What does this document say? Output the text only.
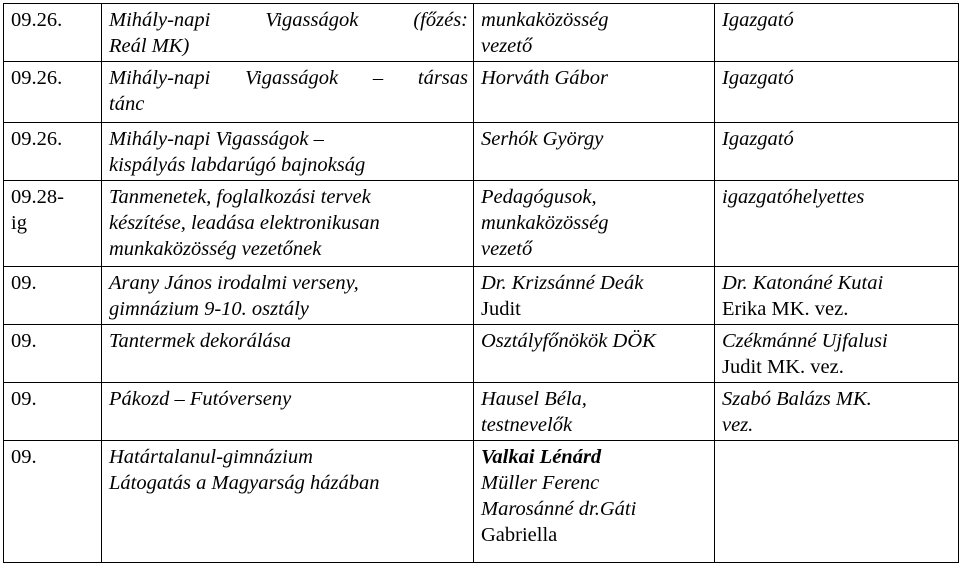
09.26.	Mihály-napi Vigasságok (főzés:
Reál MK)	munkaközösség
vezető	Igazgató

09.26.	Mihály-napi Vigasságok – társas
tánc	Horváth Gábor	Igazgató

09.26.	Mihály-napi Vigasságok –
kispályás labdarúgó bajnokság	Serhók György	Igazgató

09.28-
ig	Tanmenetek, foglalkozási tervek
készítése, leadása elektronikusan
munkaközösség vezetőnek	Pedagógusok,
munkaközösség
vezető	igazgatóhelyettes

09.	Arany János irodalmi verseny,
gimnázium 9-10. osztály	Dr. Krizsánné Deák
Judit	Dr. Katonáné Kutai
Erika MK. vez.

09.	Tantermek dekorálása	Osztályfőnökök DÖK	Czékmánné Ujfalusi
Judit MK. vez.

09.	Pákozd – Futóverseny	Hausel Béla,
testnevelők	Szabó Balázs MK.
vez.

09.	Határtalanul-gimnázium
Látogatás a Magyarság házában	Valkai Lénárd
Müller Ferenc
Marosánné dr.Gáti
Gabriella	
